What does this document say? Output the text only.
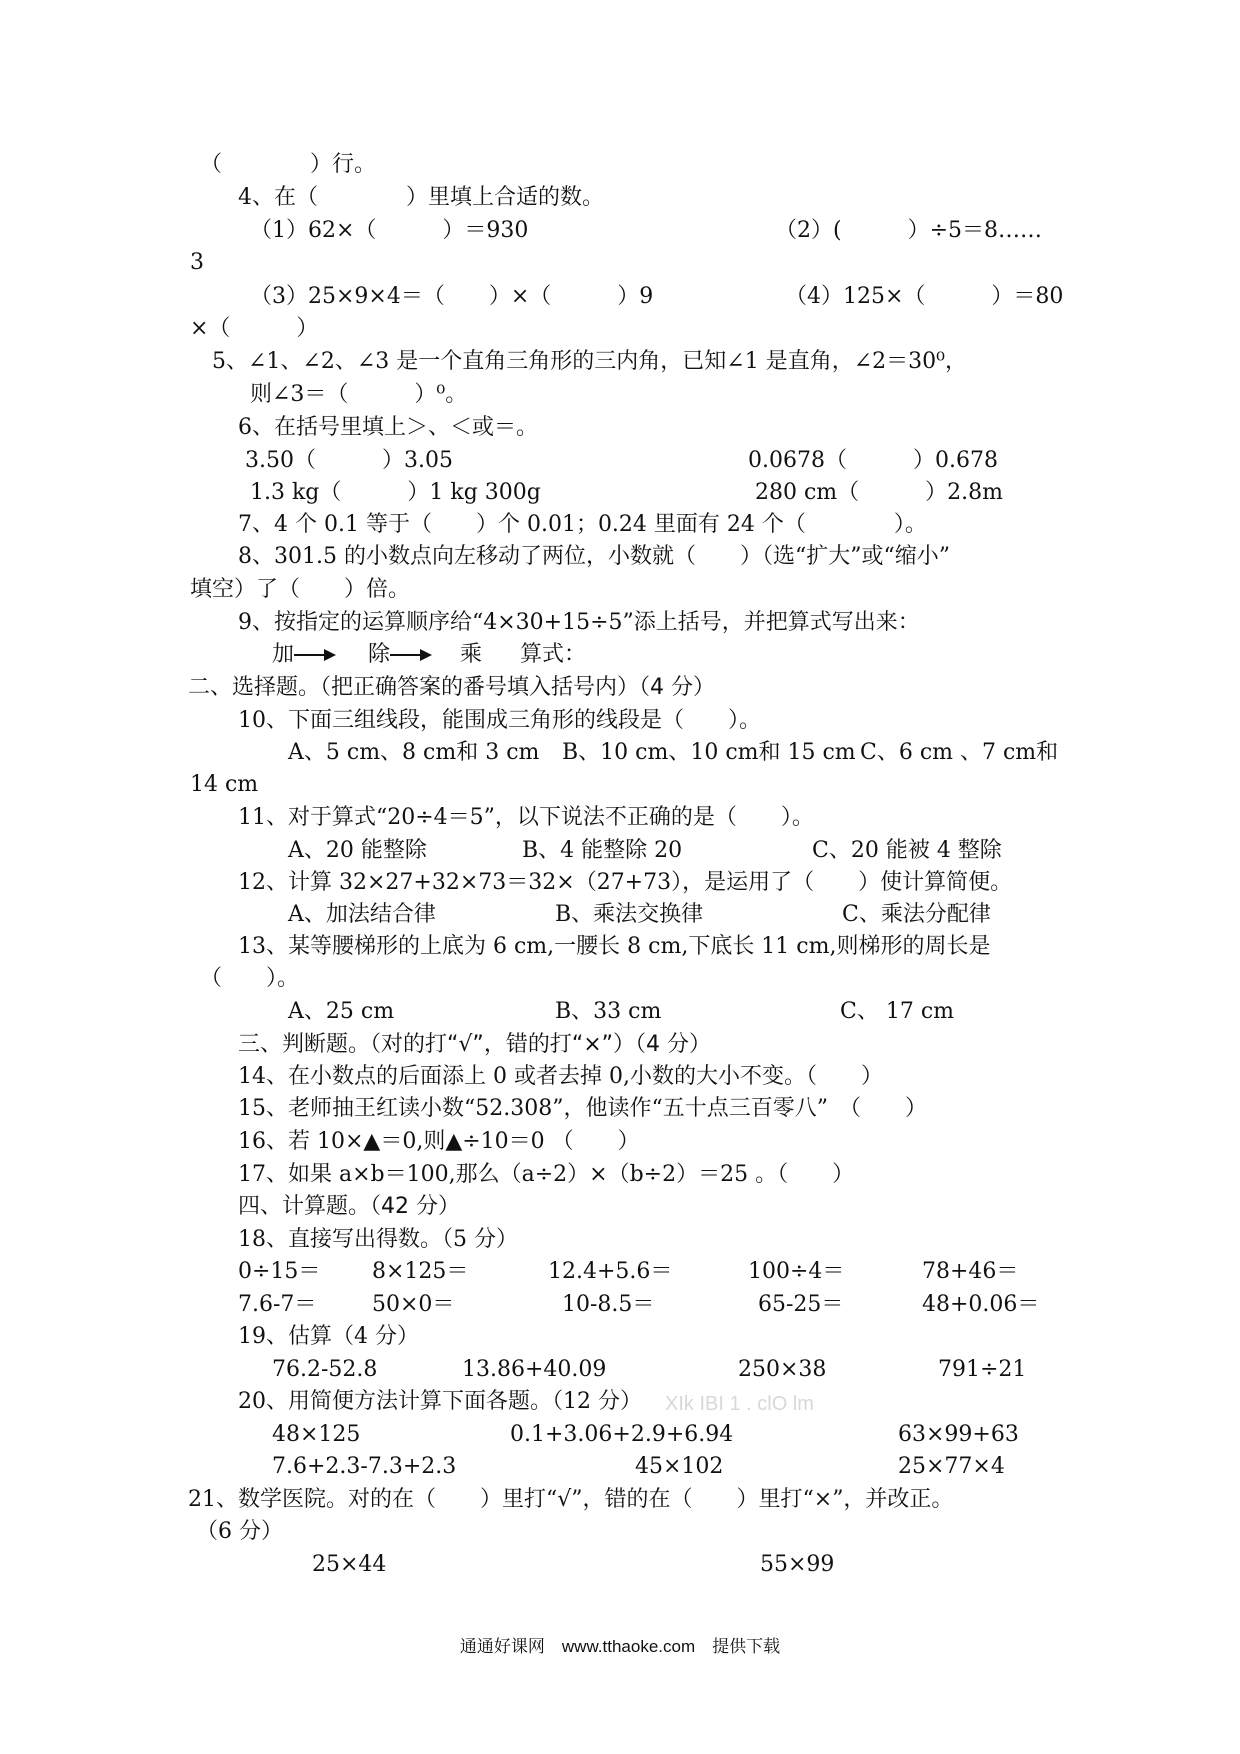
（　　　　）行。
4、在（　　　　）里填上合适的数。
（1）62×（　　　）＝930	（2）(　　　）÷5＝8……
3
（3）25×9×4＝（　　）×（　　　）9	（4）125×（　　　）＝80
×（　　　）
5、∠1、∠2、∠3 是一个直角三角形的三内角，已知∠1 是直角，∠2＝30⁰，
则∠3＝（　　　）⁰。
6、在括号里填上＞、＜或＝。
3.50（　　　）3.05	0.0678（　　　）0.678
1.3 kg（　　　）1 kg 300g	280 cm（　　　）2.8m
7、4 个 0.1 等于（　　）个 0.01；0.24 里面有 24 个（　　　　）。
8、301.5 的小数点向左移动了两位，小数就（　　）（选“扩大”或“缩小”
填空）了（　　）倍。
9、按指定的运算顺序给“4×30+15÷5”添上括号，并把算式写出来：
加	除	乘 算式：
二、选择题。（把正确答案的番号填入括号内）（4 分）
10、下面三组线段，能围成三角形的线段是（　　）。
A、5 cm、8 cm和 3 cm B、10 cm、10 cm和 15 cm C、6 cm 、7 cm和
14 cm
11、对于算式“20÷4＝5”，以下说法不正确的是（　　）。
A、20 能整除	B、4 能整除 20	C、20 能被 4 整除
12、计算 32×27+32×73＝32×（27+73），是运用了（　　）使计算简便。
A、加法结合律	B、乘法交换律	C、乘法分配律
13、某等腰梯形的上底为 6 cm,一腰长 8 cm,下底长 11 cm,则梯形的周长是
（　　）。
A、25 cm	B、33 cm	C、 17 cm
三、判断题。（对的打“√”，错的打“×”）（4 分）
14、在小数点的后面添上 0 或者去掉 0,小数的大小不变。（　　）
15、老师抽王红读小数“52.308”，他读作“五十点三百零八”　（　　）
16、若 10×▲＝0,则▲÷10＝0 （　　）
17、如果 a×b＝100,那么（a÷2）×（b÷2）＝25 。（　　）
四、计算题。（42 分）
18、直接写出得数。（5 分）
0÷15＝ 8×125＝	12.4+5.6＝	100÷4＝	78+46＝
7.6-7＝	50×0＝	10-8.5＝	65-25＝	48+0.06＝
19、估算（4 分）
76.2-52.8	13.86+40.09	250×38	791÷21
20、用简便方法计算下面各题。（12 分） XIk IBI 1 . clO lm
48×125	0.1+3.06+2.9+6.94	63×99+63
7.6+2.3-7.3+2.3	45×102	25×77×4
21、数学医院。对的在（　　）里打“√”，错的在（　　）里打“×”，并改正。
（6 分）
25×44	55×99
通通好课网　www.tthaoke.com　提供下载
